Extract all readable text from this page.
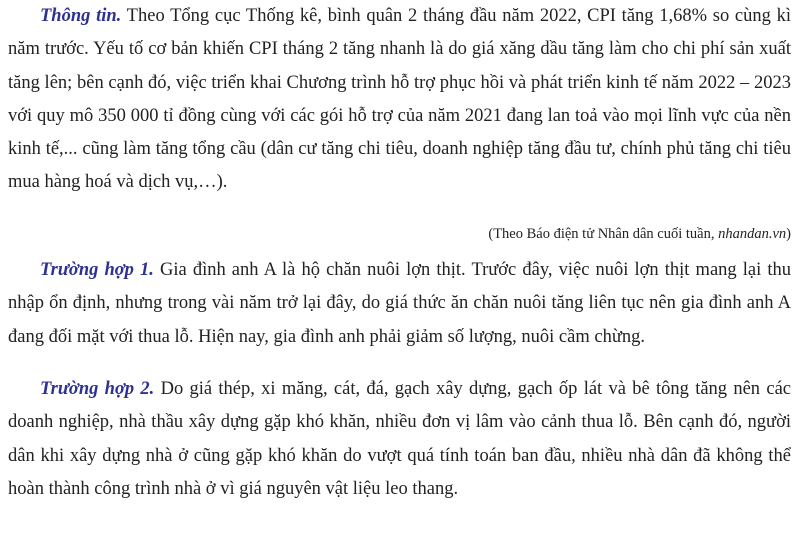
Thông tin. Theo Tổng cục Thống kê, bình quân 2 tháng đầu năm 2022, CPI tăng 1,68% so cùng kì năm trước. Yếu tố cơ bản khiến CPI tháng 2 tăng nhanh là do giá xăng dầu tăng làm cho chi phí sản xuất tăng lên; bên cạnh đó, việc triển khai Chương trình hỗ trợ phục hồi và phát triển kinh tế năm 2022 – 2023 với quy mô 350 000 tỉ đồng cùng với các gói hỗ trợ của năm 2021 đang lan toả vào mọi lĩnh vực của nền kinh tế,... cũng làm tăng tổng cầu (dân cư tăng chi tiêu, doanh nghiệp tăng đầu tư, chính phủ tăng chi tiêu mua hàng hoá và dịch vụ,…).

(Theo Báo điện tử Nhân dân cuối tuần, nhandan.vn)

Trường hợp 1. Gia đình anh A là hộ chăn nuôi lợn thịt. Trước đây, việc nuôi lợn thịt mang lại thu nhập ổn định, nhưng trong vài năm trở lại đây, do giá thức ăn chăn nuôi tăng liên tục nên gia đình anh A đang đối mặt với thua lỗ. Hiện nay, gia đình anh phải giảm số lượng, nuôi cầm chừng.

Trường hợp 2. Do giá thép, xi măng, cát, đá, gạch xây dựng, gạch ốp lát và bê tông tăng nên các doanh nghiệp, nhà thầu xây dựng gặp khó khăn, nhiều đơn vị lâm vào cảnh thua lỗ. Bên cạnh đó, người dân khi xây dựng nhà ở cũng gặp khó khăn do vượt quá tính toán ban đầu, nhiều nhà dân đã không thể hoàn thành công trình nhà ở vì giá nguyên vật liệu leo thang.
